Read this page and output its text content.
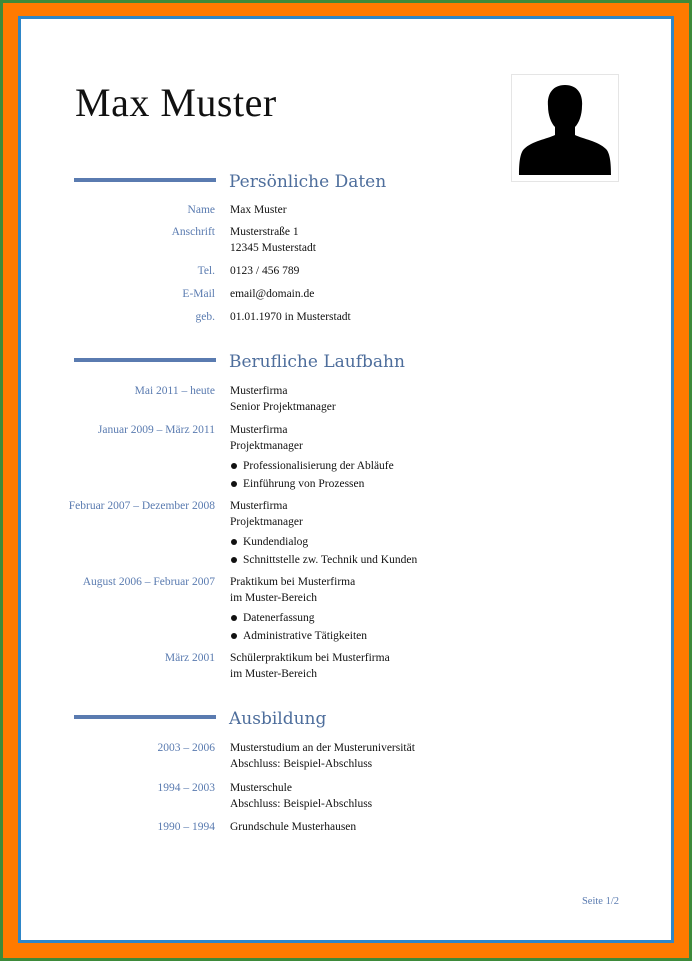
Max Muster
Persönliche Daten
Name Max Muster
Anschrift Musterstraße 1
12345 Musterstadt
Tel. 0123 / 456 789
E-Mail email@domain.de
geb. 01.01.1970 in Musterstadt
Berufliche Laufbahn
Mai 2011 – heute Musterfirma
Senior Projektmanager
Januar 2009 – März 2011 Musterfirma
Projektmanager
Professionalisierung der Abläufe
Einführung von Prozessen
Februar 2007 – Dezember 2008 Musterfirma
Projektmanager
Kundendialog
Schnittstelle zw. Technik und Kunden
August 2006 – Februar 2007 Praktikum bei Musterfirma
im Muster-Bereich
Datenerfassung
Administrative Tätigkeiten
März 2001 Schülerpraktikum bei Musterfirma
im Muster-Bereich
Ausbildung
2003 – 2006 Musterstudium an der Musteruniversität
Abschluss: Beispiel-Abschluss
1994 – 2003 Musterschule
Abschluss: Beispiel-Abschluss
1990 – 1994 Grundschule Musterhausen
Seite 1/2
